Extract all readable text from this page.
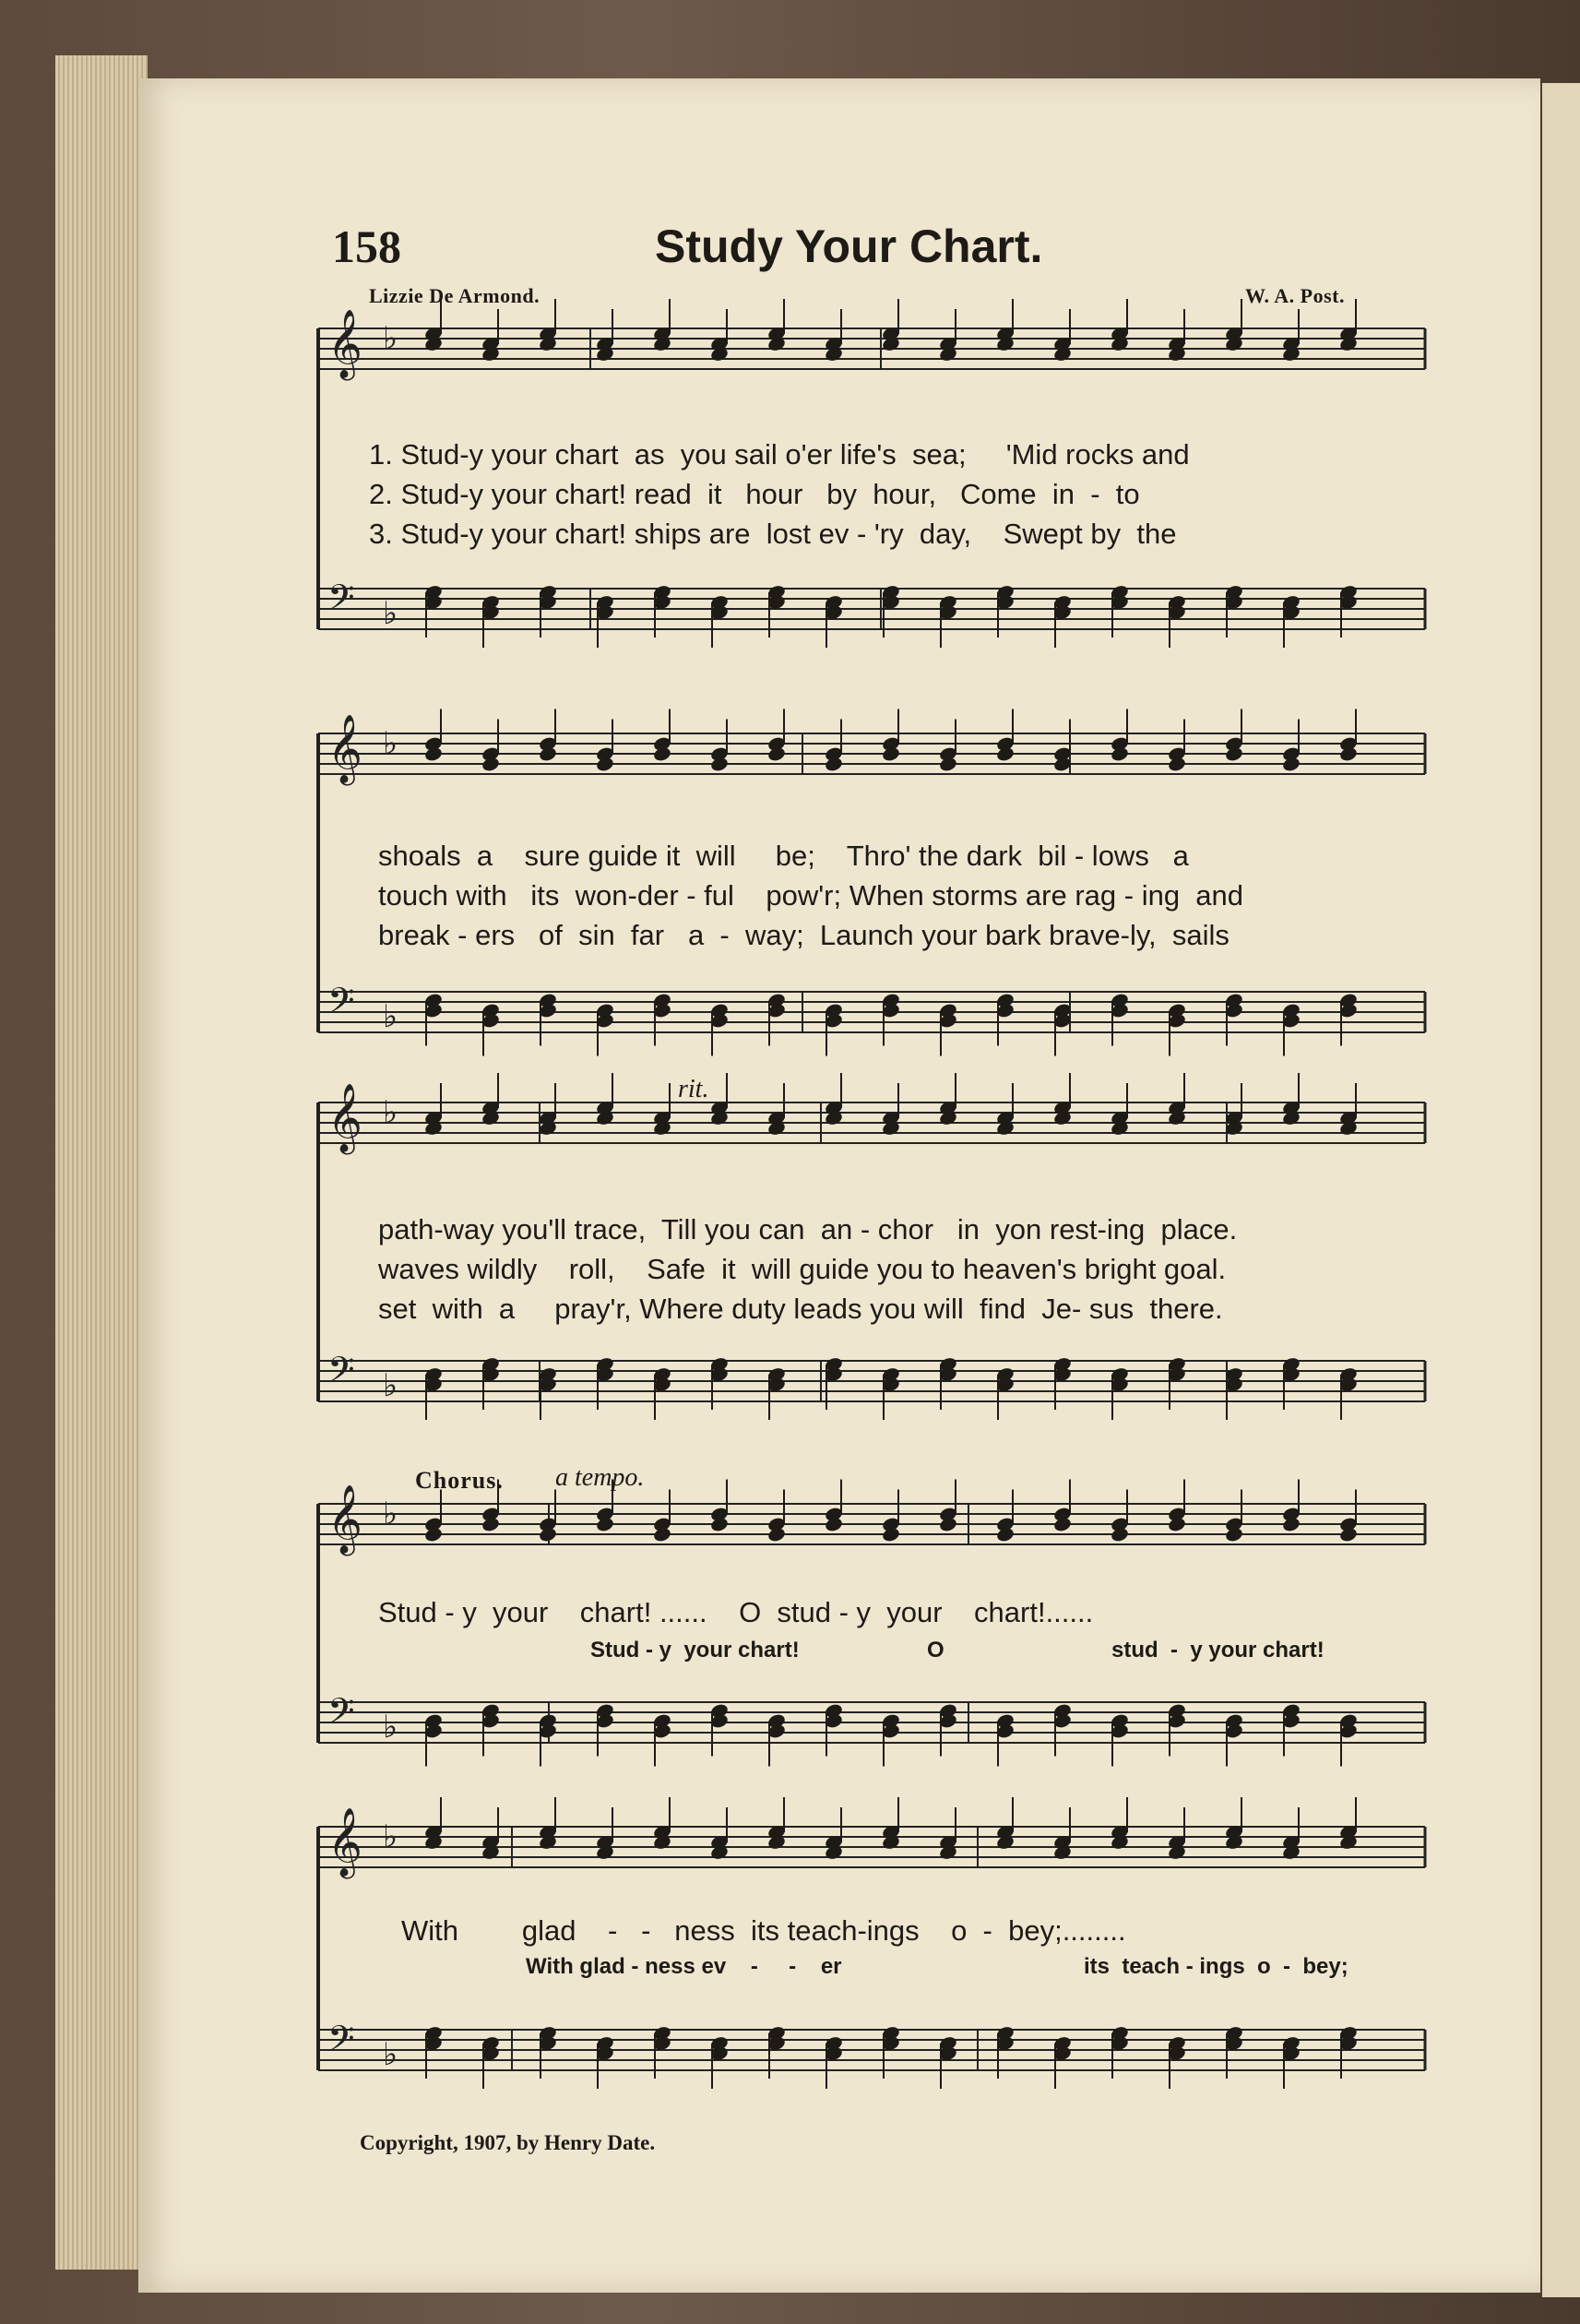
158	Study Your Chart.
Lizzie De Armond.	W. A. Post.
𝄞 ♭
𝄢 ♭
1. Stud-y your chart  as  you sail o'er life's  sea;     'Mid rocks and
2. Stud-y your chart! read  it   hour   by  hour,   Come  in  -  to
3. Stud-y your chart! ships are  lost ev - 'ry  day,    Swept by  the
𝄞 ♭
𝄢 ♭
shoals  a    sure guide it  will     be;    Thro' the dark  bil - lows   a
touch with   its  won-der - ful    pow'r; When storms are rag - ing  and
break - ers   of  sin  far   a  -  way;  Launch your bark brave-ly,  sails
rit.
𝄞 ♭
𝄢 ♭
path-way you'll trace,  Till you can  an - chor   in  yon rest-ing  place.
waves wildly    roll,    Safe  it  will guide you to heaven's bright goal.
set  with  a     pray'r, Where duty leads you will  find  Je- sus  there.
Chorus. a tempo.
𝄞 ♭
𝄢 ♭
Stud - y  your    chart! ......    O  stud - y  your    chart!......
Stud - y  your chart!	O	stud  -  y your chart!
𝄞 ♭
𝄢 ♭
With        glad    -   -   ness  its teach-ings    o  -  bey;........
With glad - ness ev    -     -    er	its  teach - ings  o  -  bey;
Copyright, 1907, by Henry Date.
